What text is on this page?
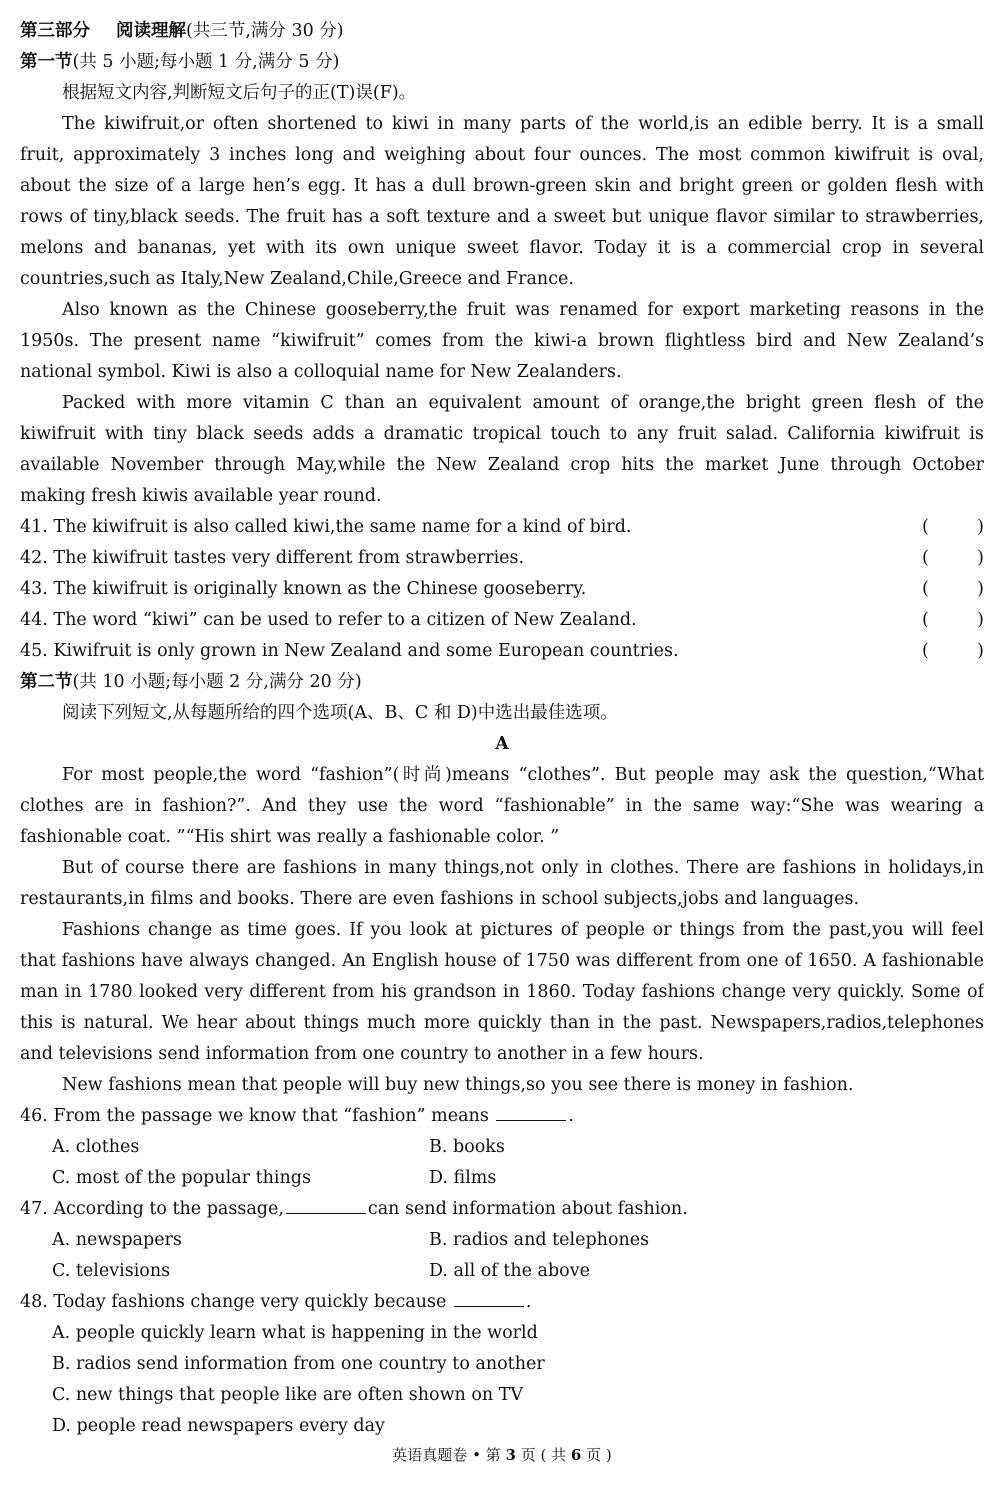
第三部分 阅读理解(共三节,满分 30 分)
第一节(共 5 小题;每小题 1 分,满分 5 分)
根据短文内容,判断短文后句子的正(T)误(F)。
The kiwifruit,or often shortened to kiwi in many parts of the world,is an edible berry. It is a small
fruit, approximately 3 inches long and weighing about four ounces. The most common kiwifruit is oval,
about the size of a large hen’s egg. It has a dull brown-green skin and bright green or golden flesh with
rows of tiny,black seeds. The fruit has a soft texture and a sweet but unique flavor similar to strawberries,
melons and bananas, yet with its own unique sweet flavor. Today it is a commercial crop in several
countries,such as Italy,New Zealand,Chile,Greece and France.
Also known as the Chinese gooseberry,the fruit was renamed for export marketing reasons in the
1950s. The present name “kiwifruit” comes from the kiwi-a brown flightless bird and New Zealand’s
national symbol. Kiwi is also a colloquial name for New Zealanders.
Packed with more vitamin C than an equivalent amount of orange,the bright green flesh of the
kiwifruit with tiny black seeds adds a dramatic tropical touch to any fruit salad. California kiwifruit is
available November through May,while the New Zealand crop hits the market June through October
making fresh kiwis available year round.
41. The kiwifruit is also called kiwi,the same name for a kind of bird.	(	)
42. The kiwifruit tastes very different from strawberries.	(	)
43. The kiwifruit is originally known as the Chinese gooseberry.	(	)
44. The word “kiwi” can be used to refer to a citizen of New Zealand.	(	)
45. Kiwifruit is only grown in New Zealand and some European countries.	(	)
第二节(共 10 小题;每小题 2 分,满分 20 分)
阅读下列短文,从每题所给的四个选项(A、B、C 和 D)中选出最佳选项。
A
For most people,the word “fashion”(时尚)means “clothes”. But people may ask the question,“What
clothes are in fashion?”. And they use the word “fashionable” in the same way:“She was wearing a
fashionable coat. ”“His shirt was really a fashionable color. ”
But of course there are fashions in many things,not only in clothes. There are fashions in holidays,in
restaurants,in films and books. There are even fashions in school subjects,jobs and languages.
Fashions change as time goes. If you look at pictures of people or things from the past,you will feel
that fashions have always changed. An English house of 1750 was different from one of 1650. A fashionable
man in 1780 looked very different from his grandson in 1860. Today fashions change very quickly. Some of
this is natural. We hear about things much more quickly than in the past. Newspapers,radios,telephones
and televisions send information from one country to another in a few hours.
New fashions mean that people will buy new things,so you see there is money in fashion.
46. From the passage we know that “fashion” means	.
A. clothes	B. books
C. most of the popular things	D. films
47. According to the passage,	can send information about fashion.
A. newspapers	B. radios and telephones
C. televisions	D. all of the above
48. Today fashions change very quickly because	.
A. people quickly learn what is happening in the world
B. radios send information from one country to another
C. new things that people like are often shown on TV
D. people read newspapers every day
英语真题卷 • 第 3 页 ( 共 6 页 )
